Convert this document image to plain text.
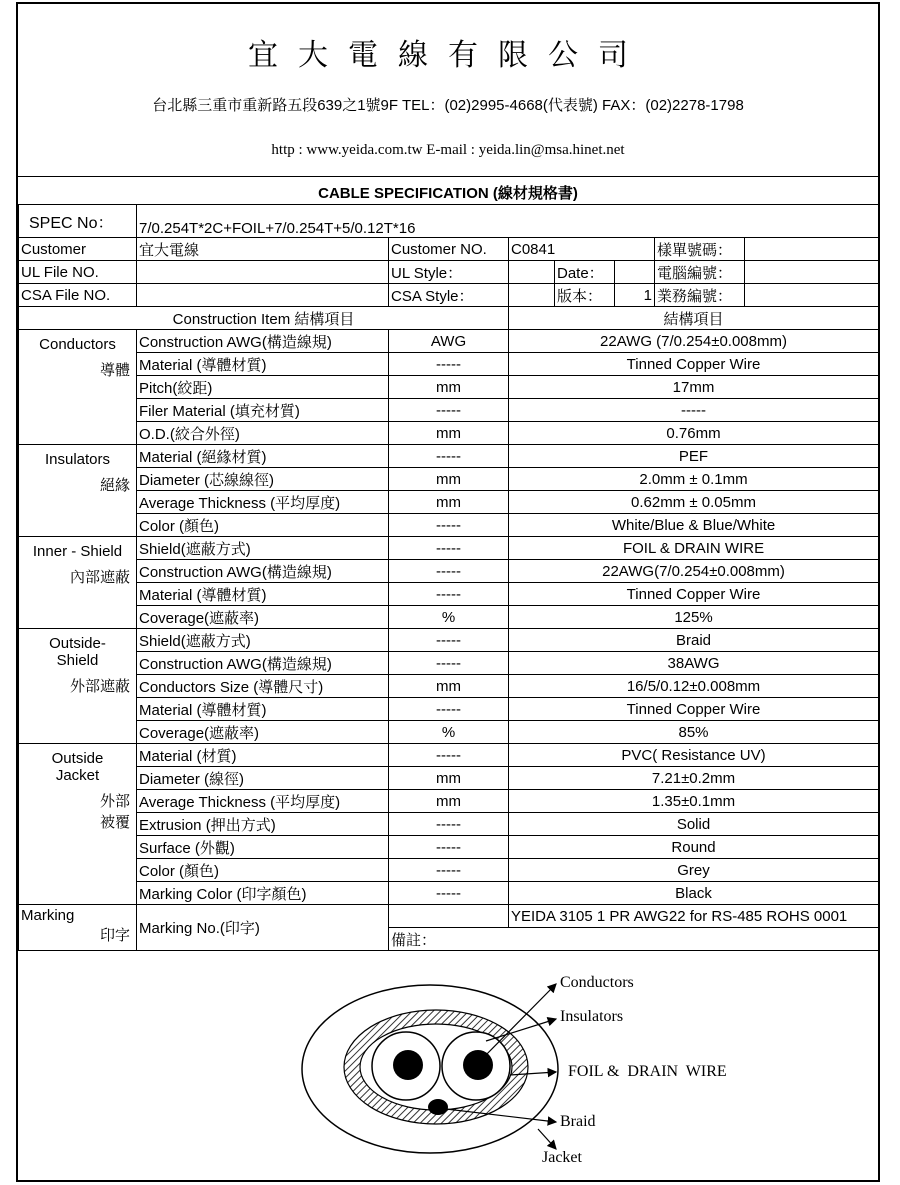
宜大電線有限公司
台北縣三重市重新路五段639之1號9F TEL：(02)2995-4668(代表號) FAX：(02)2278-1798
http : www.yeida.com.tw E-mail : yeida.lin@msa.hinet.net
CABLE SPECIFICATION (線材規格書)
SPEC No：	7/0.254T*2C+FOIL+7/0.254T+5/0.12T*16						
Customer	宜大電線	Customer NO.	C0841			樣單號碼：	
UL File NO.		UL Style：		Date：		電腦編號：	
CSA File NO.		CSA Style：		版本：	1	業務編號：	
Construction Item 結構項目			結構項目				

Conductors
導體	Construction AWG(構造線規)	AWG	22AWG (7/0.254±0.008mm)				
	Material (導體材質)	-----	Tinned Copper Wire				
	Pitch(絞距)	mm	17mm				
	Filer Material (填充材質)	-----	-----				
	O.D.(絞合外徑)	mm	0.76mm				

Insulators
絕緣	Material (絕緣材質)	-----	PEF				
	Diameter (芯線線徑)	mm	2.0mm ± 0.1mm				
	Average Thickness (平均厚度)	mm	0.62mm ± 0.05mm				
	Color (顏色)	-----	White/Blue & Blue/White				

Inner - Shield
內部遮蔽	Shield(遮蔽方式)	-----	FOIL & DRAIN WIRE				
	Construction AWG(構造線規)	-----	22AWG(7/0.254±0.008mm)				
	Material (導體材質)	-----	Tinned Copper Wire				
	Coverage(遮蔽率)	%	125%				

Outside-
Shield
外部遮蔽	Shield(遮蔽方式)	-----	Braid				
	Construction AWG(構造線規)	-----	38AWG				
	Conductors Size (導體尺寸)	mm	16/5/0.12±0.008mm				
	Material (導體材質)	-----	Tinned Copper Wire				
	Coverage(遮蔽率)	%	85%				

Outside
Jacket
外部
被覆	Material (材質)	-----	PVC( Resistance UV)				
	Diameter (線徑)	mm	7.21±0.2mm				
	Average Thickness (平均厚度)	mm	1.35±0.1mm				
	Extrusion (押出方式)	-----	Solid				
	Surface (外觀)	-----	Round				
	Color (顏色)	-----	Grey				
	Marking Color (印字顏色)	-----	Black				

Marking
印字	Marking No.(印字)		YEIDA 3105 1 PR AWG22 for RS-485 ROHS 0001				
		備註：					
Conductors
Insulators
FOIL &  DRAIN  WIRE
Braid
Jacket
